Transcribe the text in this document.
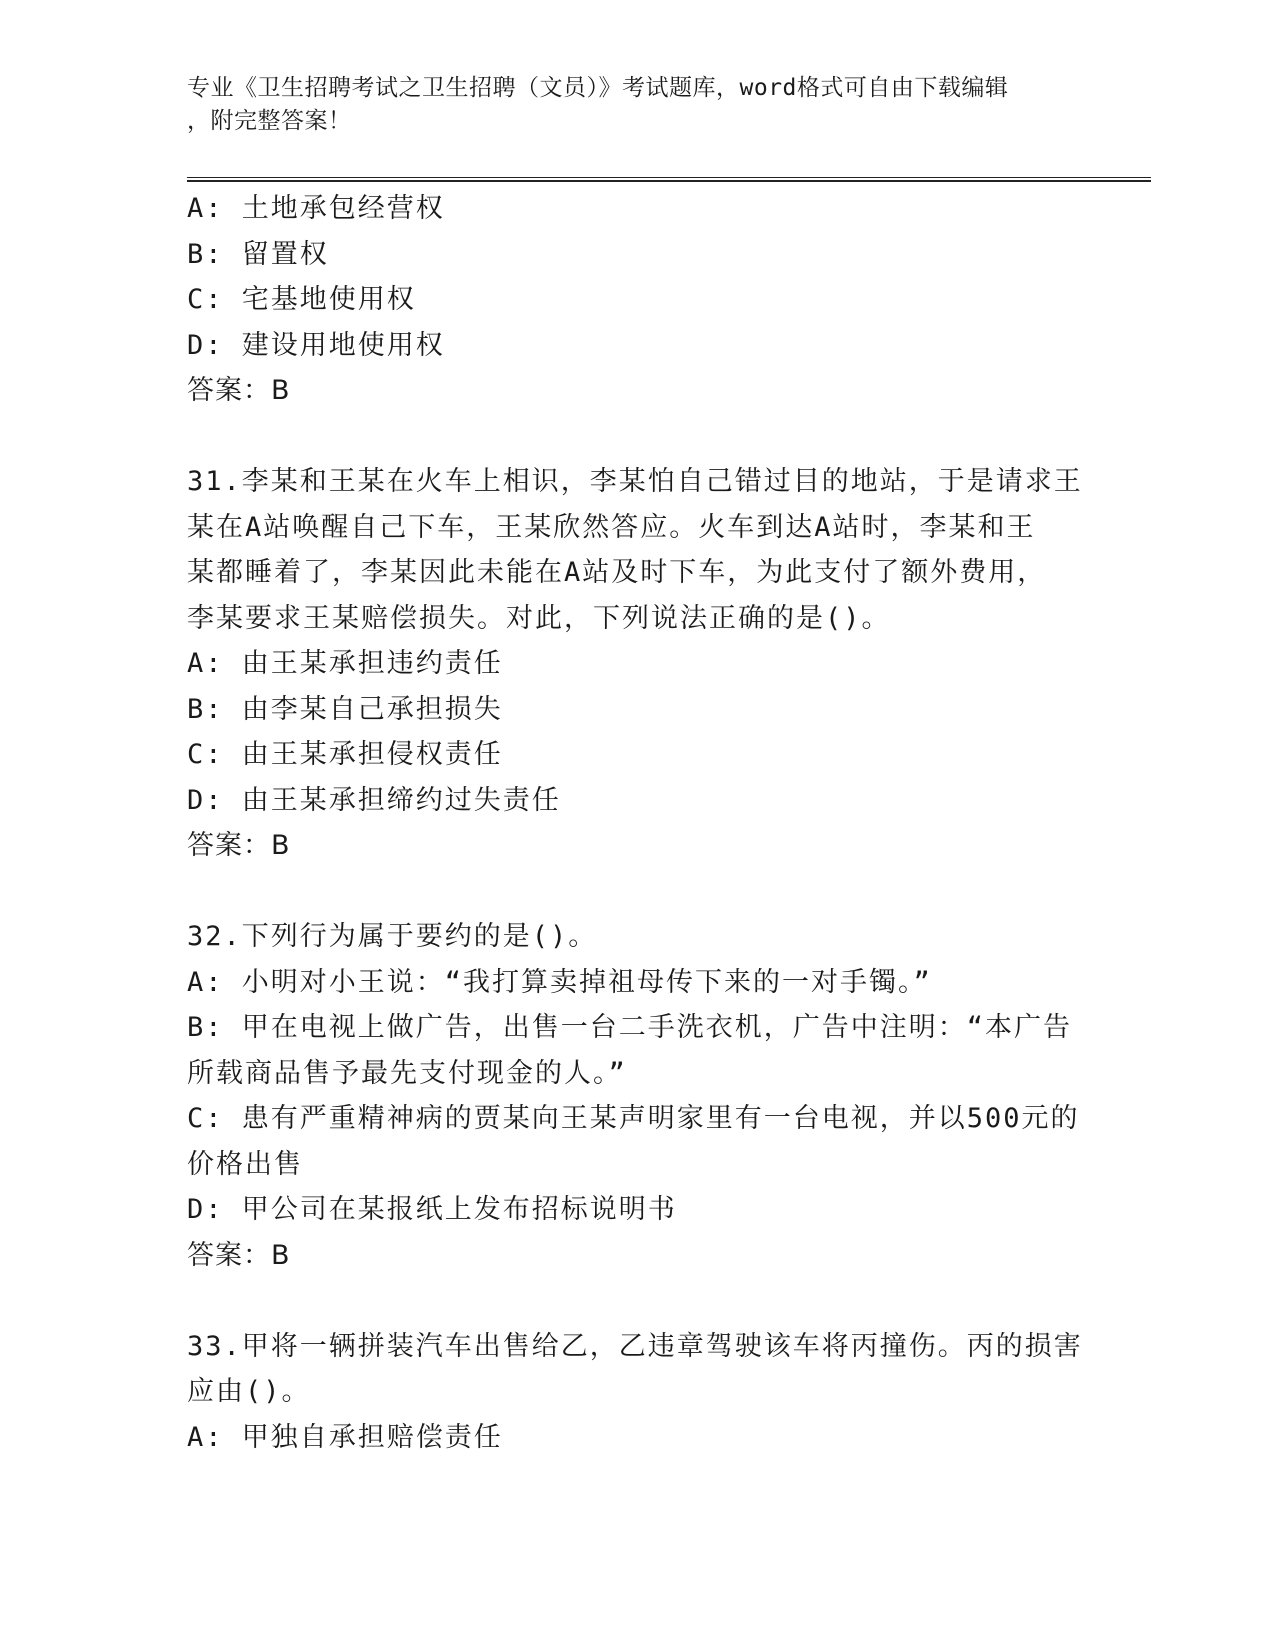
专业《卫生招聘考试之卫生招聘（文员）》考试题库，word格式可自由下载编辑
，附完整答案！
A: 土地承包经营权
B: 留置权
C: 宅基地使用权
D: 建设用地使用权
答案：B
31.李某和王某在火车上相识，李某怕自己错过目的地站，于是请求王
某在A站唤醒自己下车，王某欣然答应。火车到达A站时，李某和王
某都睡着了，李某因此未能在A站及时下车，为此支付了额外费用，
李某要求王某赔偿损失。对此，下列说法正确的是()。
A: 由王某承担违约责任
B: 由李某自己承担损失
C: 由王某承担侵权责任
D: 由王某承担缔约过失责任
答案：B
32.下列行为属于要约的是()。
A: 小明对小王说：“我打算卖掉祖母传下来的一对手镯。”
B: 甲在电视上做广告，出售一台二手洗衣机，广告中注明：“本广告
所载商品售予最先支付现金的人。”
C: 患有严重精神病的贾某向王某声明家里有一台电视，并以500元的
价格出售
D: 甲公司在某报纸上发布招标说明书
答案：B
33.甲将一辆拼装汽车出售给乙，乙违章驾驶该车将丙撞伤。丙的损害
应由()。
A: 甲独自承担赔偿责任
